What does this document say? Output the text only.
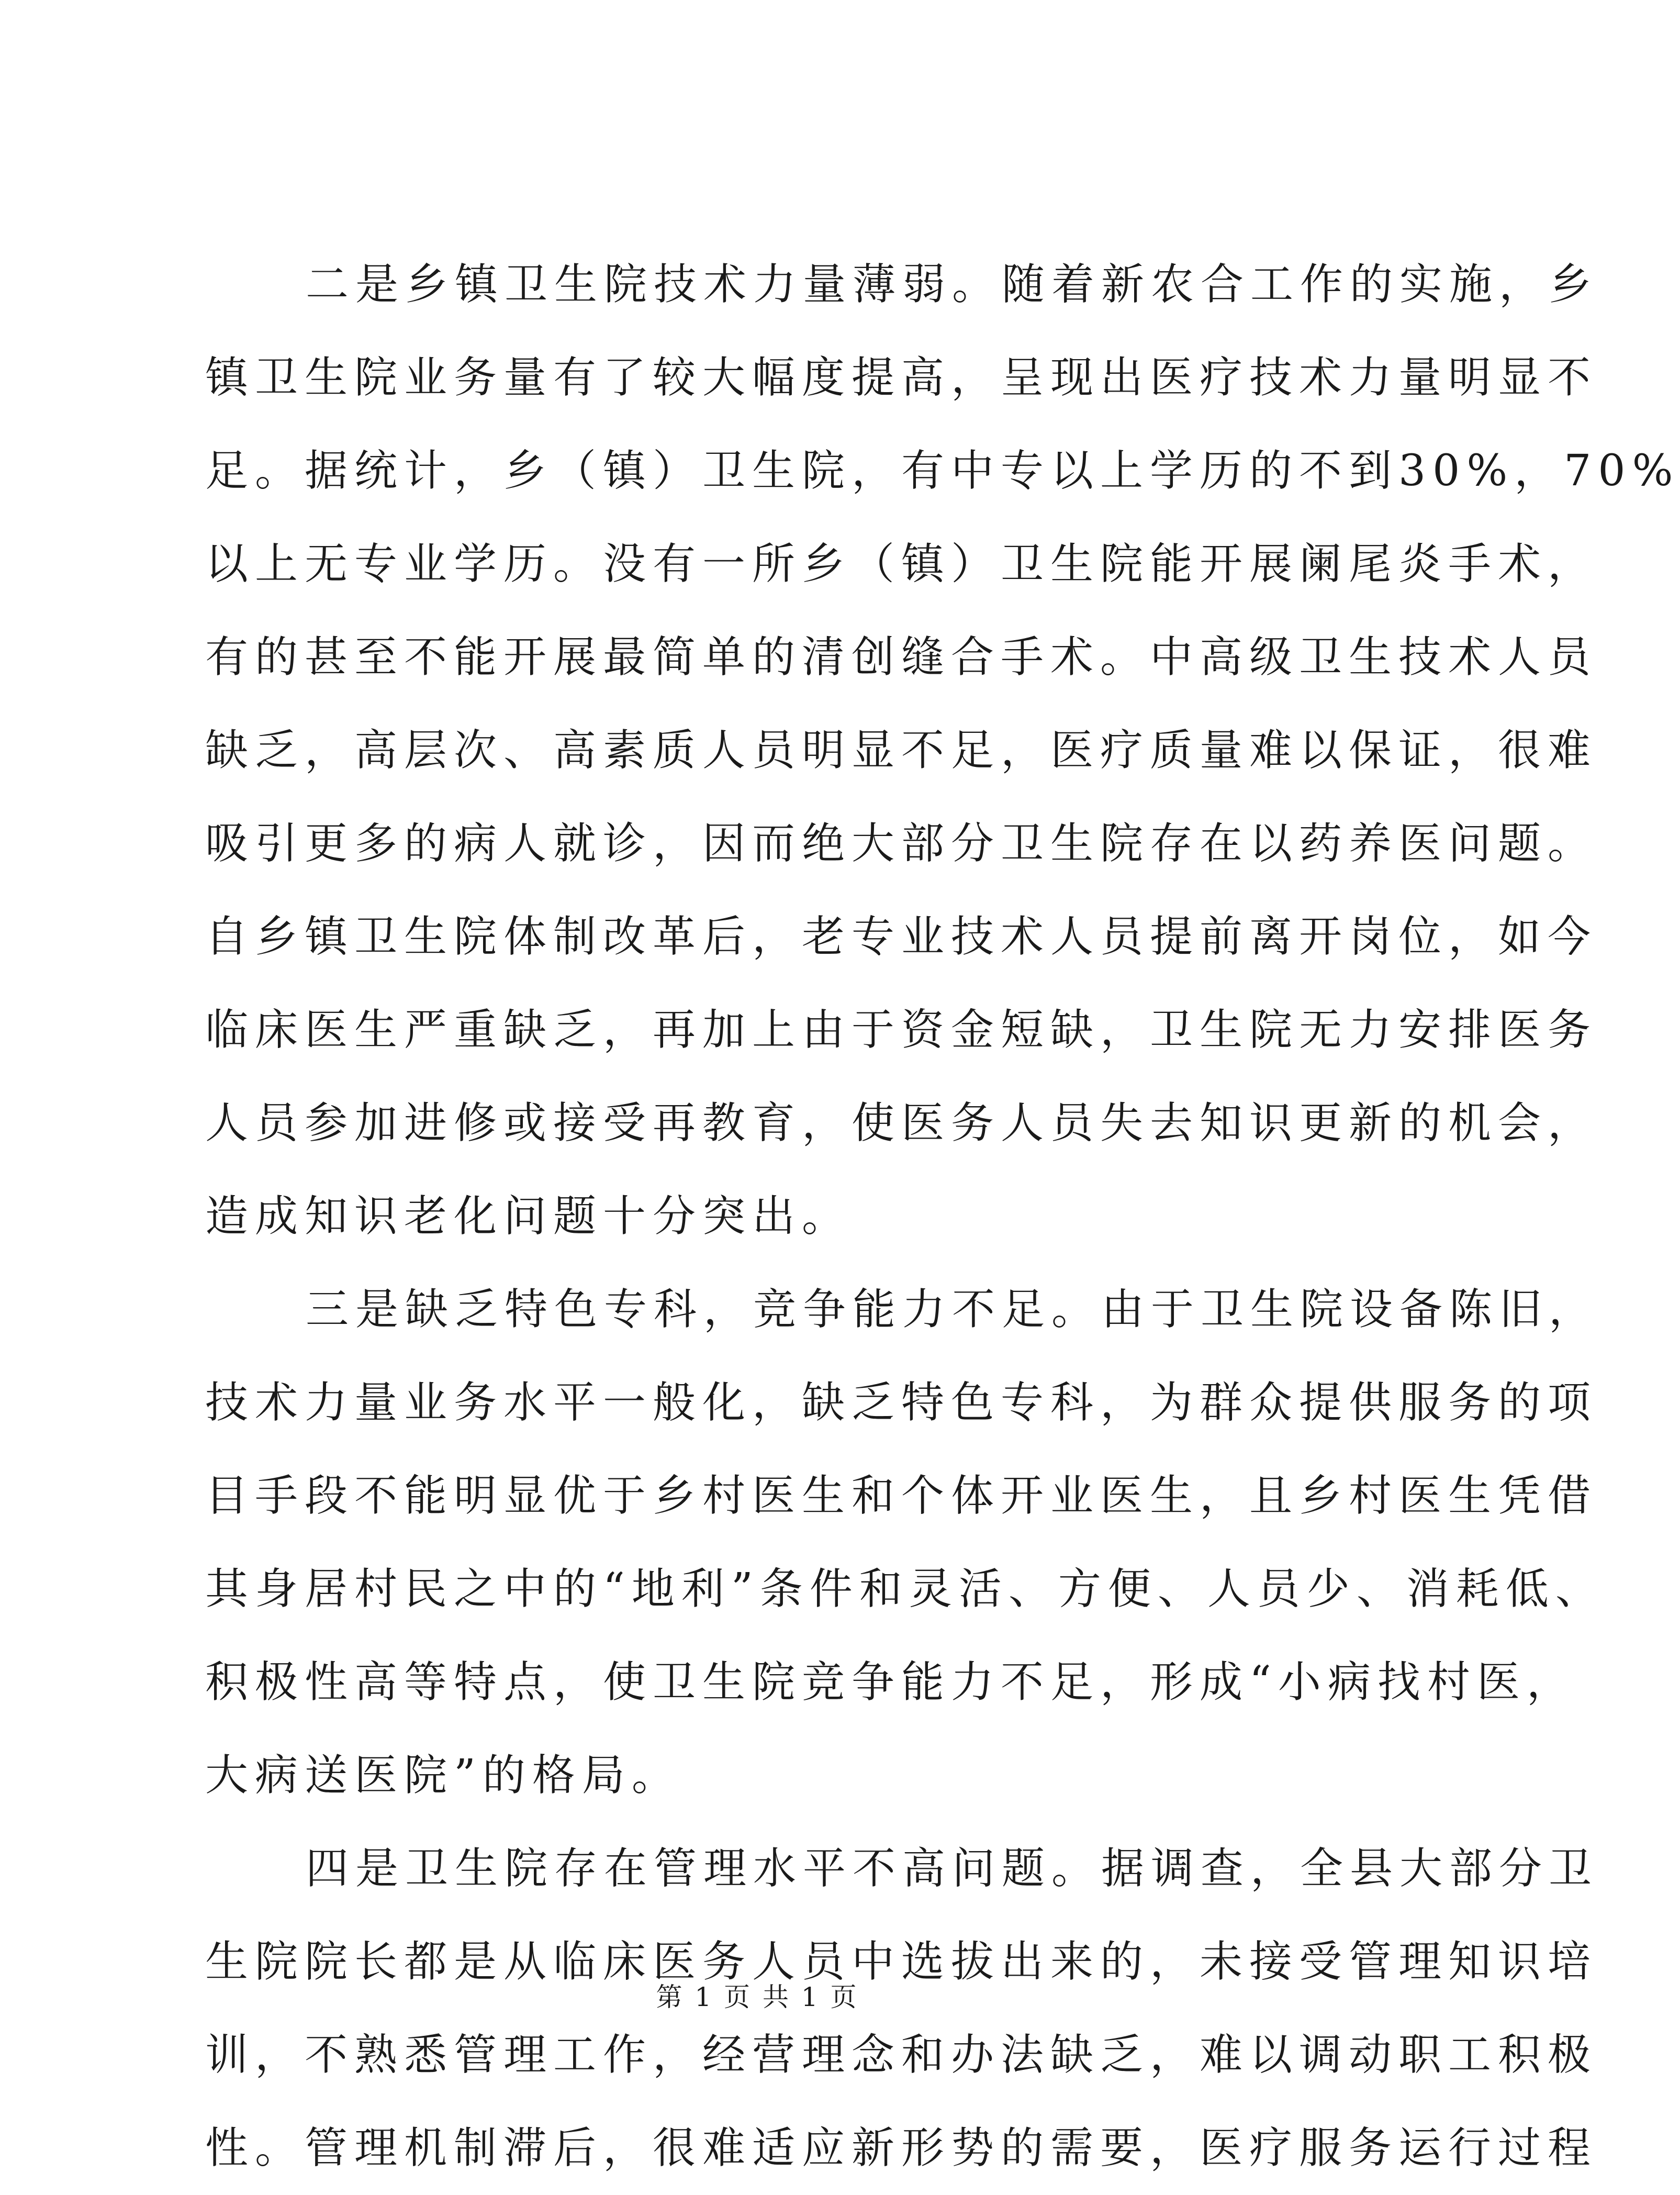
二是乡镇卫生院技术力量薄弱。随着新农合工作的实施，乡
镇卫生院业务量有了较大幅度提高，呈现出医疗技术力量明显不
足。据统计，乡（镇）卫生院，有中专以上学历的不到30%，70%
以上无专业学历。没有一所乡（镇）卫生院能开展阑尾炎手术，
有的甚至不能开展最简单的清创缝合手术。中高级卫生技术人员
缺乏，高层次、高素质人员明显不足，医疗质量难以保证，很难
吸引更多的病人就诊，因而绝大部分卫生院存在以药养医问题。
自乡镇卫生院体制改革后，老专业技术人员提前离开岗位，如今
临床医生严重缺乏，再加上由于资金短缺，卫生院无力安排医务
人员参加进修或接受再教育，使医务人员失去知识更新的机会，
造成知识老化问题十分突出。
三是缺乏特色专科，竞争能力不足。由于卫生院设备陈旧，
技术力量业务水平一般化，缺乏特色专科，为群众提供服务的项
目手段不能明显优于乡村医生和个体开业医生，且乡村医生凭借
其身居村民之中的“地利”条件和灵活、方便、人员少、消耗低、
积极性高等特点，使卫生院竞争能力不足，形成“小病找村医，
大病送医院”的格局。
四是卫生院存在管理水平不高问题。据调查，全县大部分卫
生院院长都是从临床医务人员中选拔出来的，未接受管理知识培
训，不熟悉管理工作，经营理念和办法缺乏，难以调动职工积极
性。管理机制滞后，很难适应新形势的需要，医疗服务运行过程
第 1 页 共 1 页
